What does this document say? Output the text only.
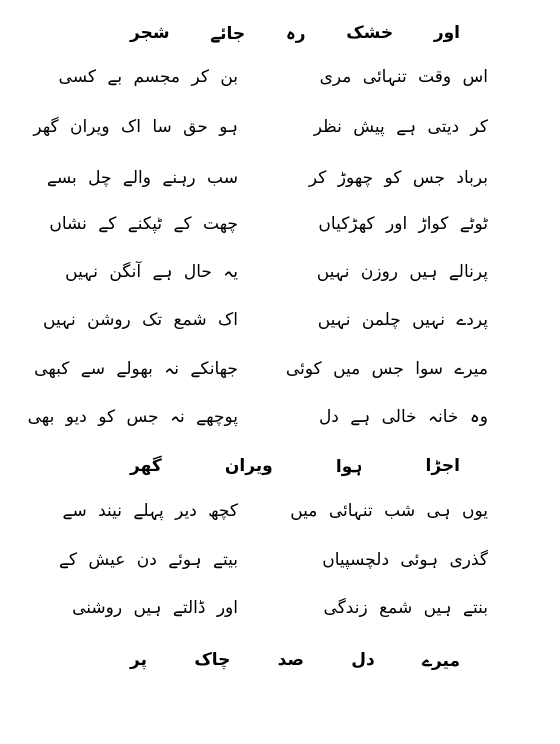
اور
خشک
رہ
جائے
شجر
اس وقت تنہائی مری
بن کر مجسم بے کسی
کر دیتی ہے پیش نظر
ہو حق سا اک ویران گھر
برباد جس کو چھوڑ کر
سب رہنے والے چل بسے
ٹوٹے کواڑ اور کھڑکیاں
چھت کے ٹپکنے کے نشاں
پرنالے ہیں روزن نہیں
یہ حال ہے آنگن نہیں
پردے نہیں چلمن نہیں
اک شمع تک روشن نہیں
میرے سوا جس میں کوئی
جھانکے نہ بھولے سے کبھی
وہ خانہ خالی ہے دل
پوچھے نہ جس کو دیو بھی
اجڑا
ہوا
ویران
گھر
یوں ہی شب تنہائی میں
کچھ دیر پہلے نیند سے
گذری ہوئی دلچسپیاں
بیتے ہوئے دن عیش کے
بنتے ہیں شمع زندگی
اور ڈالتے ہیں روشنی
میرے
دل
صد
چاک
پر
